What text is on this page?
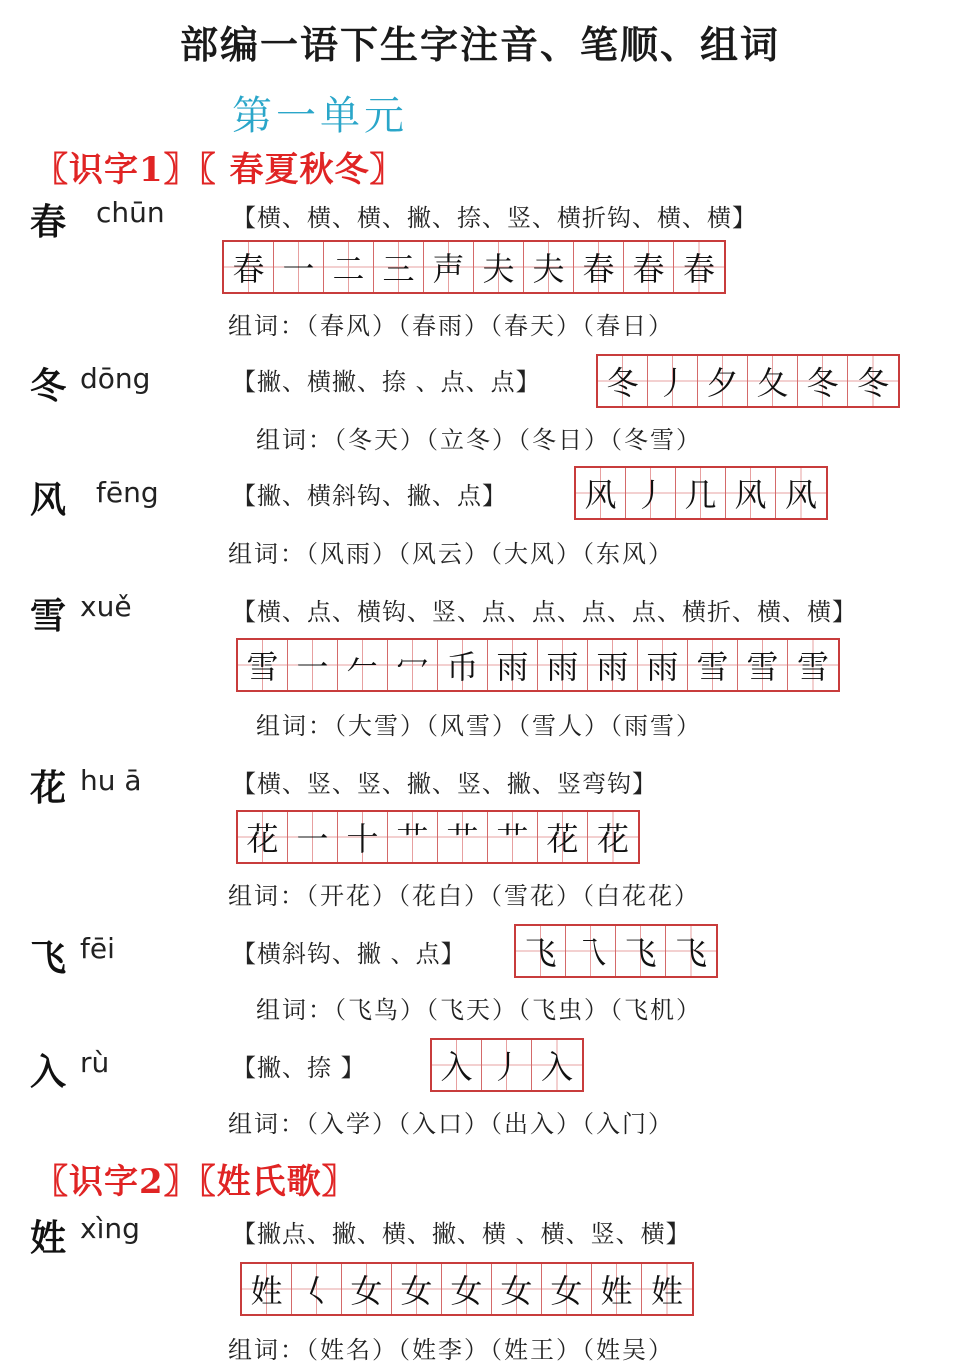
部编一语下生字注音、笔顺、组词
第一单元
〖识字1〗〖 春夏秋冬〗
春 chūn	【横、横、横、撇、捺、竖、横折钩、横、横】
春 一 二 三 声 夫 夫 春 春 春
组词：（春风）（春雨）（春天）（春日）
冬 dōng	【撇、横撇、捺 、点、点】 冬 丿 夕 夂 冬 冬
组词：（冬天）（立冬）（冬日）（冬雪）
风 fēng	【撇、横斜钩、撇、点】 风 丿 几 风 风
组词：（风雨）（风云）（大风）（东风）
雪 xuě	【横、点、横钩、竖、点、点、点、点、横折、横、横】
雪 一 𠂉 冖 币 雨 雨 雨 雨 雪 雪 雪
组词：（大雪）（风雪）（雪人）（雨雪）
花 hu ā	【横、竖、竖、撇、竖、撇、竖弯钩】
花 一 十 艹 艹 艹 花 花
组词：（开花）（花白）（雪花）（白花花）
飞 fēi	【横斜钩、撇 、点】 飞 乁 飞 飞
组词：（飞鸟）（飞天）（飞虫）（飞机）
入 rù	【撇、捺 】 入 丿 入
组词：（入学）（入口）（出入）（入门）
〖识字2〗〖姓氏歌〗
姓 xìng	【撇点、撇、横、撇、横 、横、竖、横】
姓 𡿨 女 女 女 女 女 姓 姓
组词：（姓名）（姓李）（姓王）（姓吴）
